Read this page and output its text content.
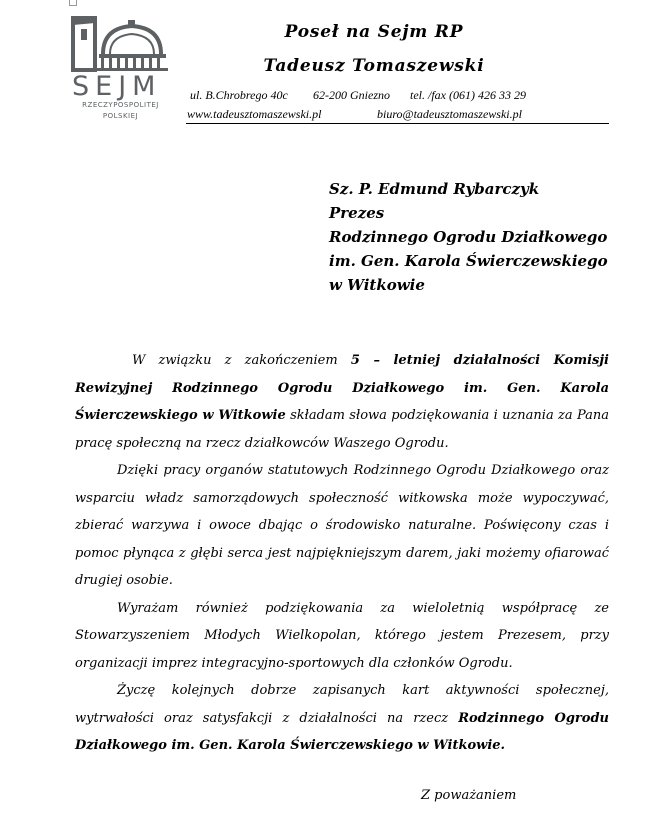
SEJM
RZECZYPOSPOLITEJ
POLSKIEJ
Poseł na Sejm RP
Tadeusz Tomaszewski
ul. B.Chrobrego 40c 62-200 Gniezno tel. /fax (061) 426 33 29
www.tadeusztomaszewski.pl	biuro@tadeusztomaszewski.pl
Sz. P. Edmund Rybarczyk
Prezes
Rodzinnego Ogrodu Działkowego
im. Gen. Karola Świerczewskiego
w Witkowie

W związku z zakończeniem 5 – letniej działalności Komisji Rewizyjnej Rodzinnego Ogrodu Działkowego im. Gen. Karola Świerczewskiego w Witkowie składam słowa podziękowania i uznania za Pana pracę społeczną na rzecz działkowców Waszego Ogrodu.

Dzięki pracy organów statutowych Rodzinnego Ogrodu Działkowego oraz wsparciu władz samorządowych społeczność witkowska może wypoczywać, zbierać warzywa i owoce dbając o środowisko naturalne. Poświęcony czas i pomoc płynąca z głębi serca jest najpiękniejszym darem, jaki możemy ofiarować drugiej osobie.

Wyrażam również podziękowania za wieloletnią współpracę ze Stowarzyszeniem Młodych Wielkopolan, którego jestem Prezesem, przy organizacji imprez integracyjno-sportowych dla członków Ogrodu.

Życzę kolejnych dobrze zapisanych kart aktywności społecznej, wytrwałości oraz satysfakcji z działalności na rzecz Rodzinnego Ogrodu Działkowego im. Gen. Karola Świerczewskiego w Witkowie.

Z poważaniem
